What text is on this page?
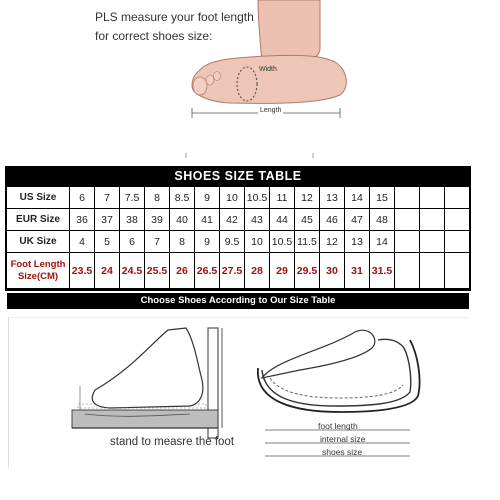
PLS measure your foot length
for correct shoes size:
Width
Length
SHOES SIZE TABLE
US Size	6	7	7.5	8	8.5	9	10 10.5 11	12	13	14	15
EUR Size	36	37	38	39	40	41	42	43	44	45	46	47	48
UK Size	4	5	6	7	8	9	9.5	10 10.5 11.5 12	13	14
Foot Length
Size(CM) 23.5 24 24.5 25.5 26 26.5 27.5 28	29 29.5 30	31 31.5
Choose Shoes According to Our Size Table
stand to measre the foot
foot length
internal size
shoes size
